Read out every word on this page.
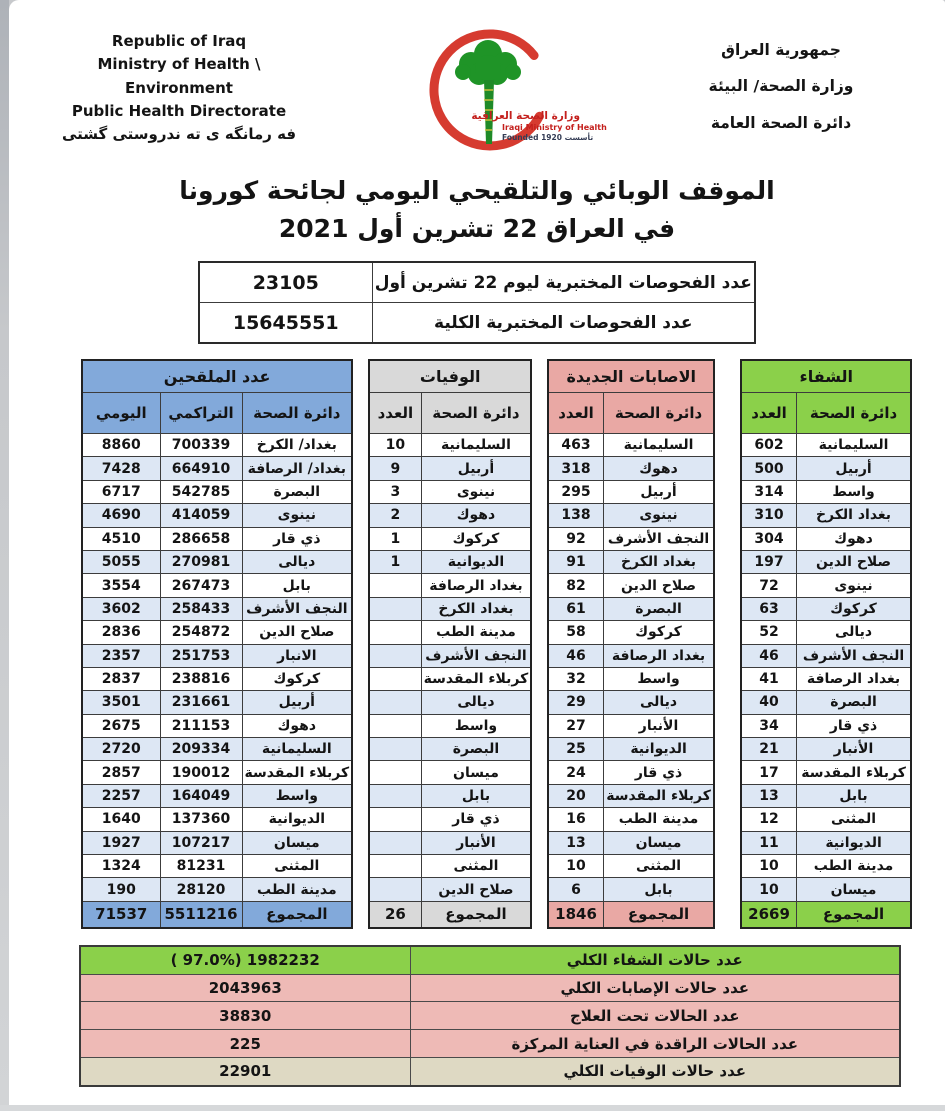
Republic of Iraq
Ministry of Health \ Environment
Public Health Directorate
فه رمانگه ی ته ندروستی گشتی
وزارة الصحة العراقية
Iraqi Ministry of Health
Founded 1920 تأسست
جمهورية العراق
وزارة الصحة/ البيئة
دائرة الصحة العامة
الموقف الوبائي والتلقيحي اليومي لجائحة كورونا
في العراق 22 تشرين أول 2021
23105	عدد الفحوصات المختبرية ليوم 22 تشرين أول
15645551	عدد الفحوصات المختبرية الكلية
عدد الملقحين		
اليومي	التراكمي	دائرة الصحة
8860	700339	بغداد/ الكرخ
7428	664910	بغداد/ الرصافة
6717	542785	البصرة
4690	414059	نينوى
4510	286658	ذي قار
5055	270981	ديالى
3554	267473	بابل
3602	258433	النجف الأشرف
2836	254872	صلاح الدين
2357	251753	الانبار
2837	238816	كركوك
3501	231661	أربيل
2675	211153	دهوك
2720	209334	السليمانية
2857	190012	كربلاء المقدسة
2257	164049	واسط
1640	137360	الديوانية
1927	107217	ميسان
1324	81231	المثنى
190	28120	مدينة الطب
71537	5511216	المجموع
الوفيات	
العدد	دائرة الصحة
10	السليمانية
9	أربيل
3	نينوى
2	دهوك
1	كركوك
1	الديوانية
	بغداد الرصافة
	بغداد الكرخ
	مدينة الطب
	النجف الأشرف
	كربلاء المقدسة
	ديالى
	واسط
	البصرة
	ميسان
	بابل
	ذي قار
	الأنبار
	المثنى
	صلاح الدين
26	المجموع
الاصابات الجديدة	
العدد	دائرة الصحة
463	السليمانية
318	دهوك
295	أربيل
138	نينوى
92	النجف الأشرف
91	بغداد الكرخ
82	صلاح الدين
61	البصرة
58	كركوك
46	بغداد الرصافة
32	واسط
29	ديالى
27	الأنبار
25	الديوانية
24	ذي قار
20	كربلاء المقدسة
16	مدينة الطب
13	ميسان
10	المثنى
6	بابل
1846	المجموع
الشفاء	
العدد	دائرة الصحة
602	السليمانية
500	أربيل
314	واسط
310	بغداد الكرخ
304	دهوك
197	صلاح الدين
72	نينوى
63	كركوك
52	ديالى
46	النجف الأشرف
41	بغداد الرصافة
40	البصرة
34	ذي قار
21	الأنبار
17	كربلاء المقدسة
13	بابل
12	المثنى
11	الديوانية
10	مدينة الطب
10	ميسان
2669	المجموع
( 97.0%) 1982232	عدد حالات الشفاء الكلي
2043963	عدد حالات الإصابات الكلي
38830	عدد الحالات تحت العلاج
225	عدد الحالات الراقدة في العناية المركزة
22901	عدد حالات الوفيات الكلي
